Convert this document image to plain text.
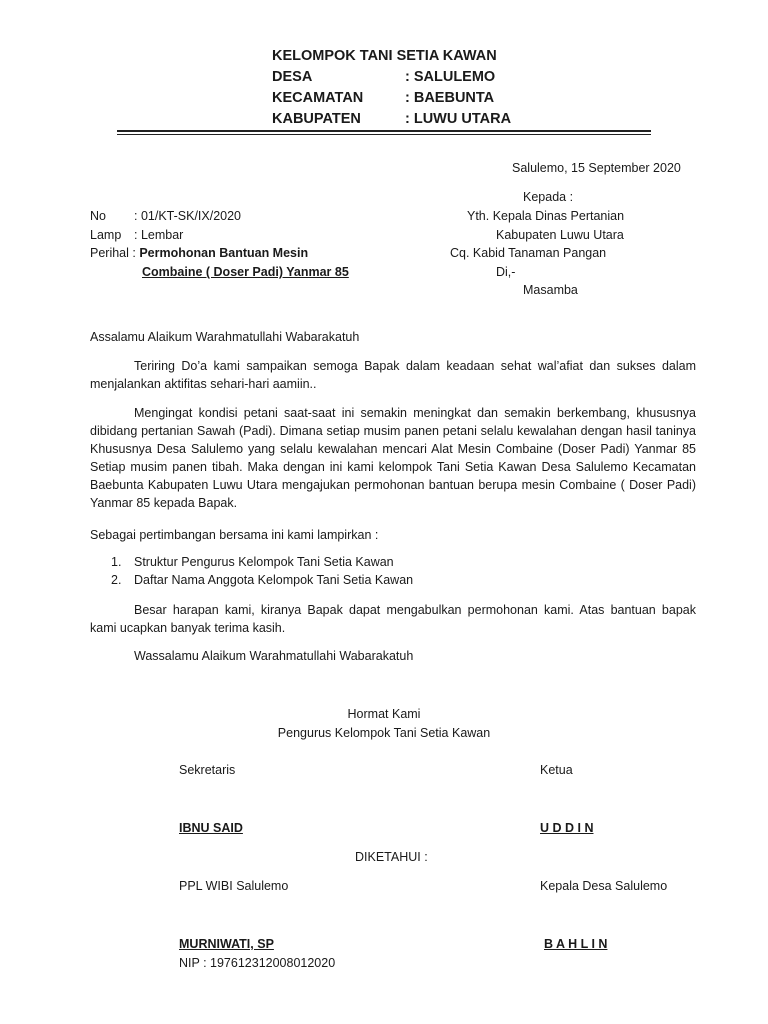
KELOMPOK TANI SETIA KAWAN
DESA	: SALULEMO
KECAMATAN	: BAEBUNTA
KABUPATEN	: LUWU UTARA
Salulemo, 15 September 2020
Kepada :
Yth. Kepala Dinas Pertanian
Kabupaten Luwu Utara
Cq. Kabid Tanaman Pangan
Di,-
Masamba
No : 01/KT-SK/IX/2020
Lamp : Lembar
Perihal : Permohonan Bantuan Mesin
Combaine ( Doser Padi) Yanmar 85
Assalamu Alaikum Warahmatullahi Wabarakatuh

Teriring Do’a kami sampaikan semoga Bapak dalam keadaan sehat wal’afiat dan sukses dalam menjalankan aktifitas sehari-hari aamiin..

Mengingat kondisi petani saat-saat ini semakin meningkat dan semakin berkembang, khususnya dibidang pertanian Sawah (Padi). Dimana setiap musim panen petani selalu kewalahan dengan hasil taninya Khususnya Desa Salulemo yang selalu kewalahan mencari Alat Mesin Combaine (Doser Padi) Yanmar 85 Setiap musim panen tibah. Maka dengan ini kami kelompok Tani Setia Kawan Desa Salulemo Kecamatan Baebunta Kabupaten Luwu Utara mengajukan permohonan bantuan berupa mesin Combaine ( Doser Padi) Yanmar 85 kepada Bapak.

Sebagai pertimbangan bersama ini kami lampirkan :

1. Struktur Pengurus Kelompok Tani Setia Kawan
2. Daftar Nama Anggota Kelompok Tani Setia Kawan

Besar harapan kami, kiranya Bapak dapat mengabulkan permohonan kami. Atas bantuan bapak kami ucapkan banyak terima kasih.

Wassalamu Alaikum Warahmatullahi Wabarakatuh
Hormat Kami
Pengurus Kelompok Tani Setia Kawan
Sekretaris	Ketua
IBNU SAID	U D D I N
DIKETAHUI :
PPL WIBI Salulemo	Kepala Desa Salulemo
MURNIWATI, SP	B A H L I N
NIP : 197612312008012020
